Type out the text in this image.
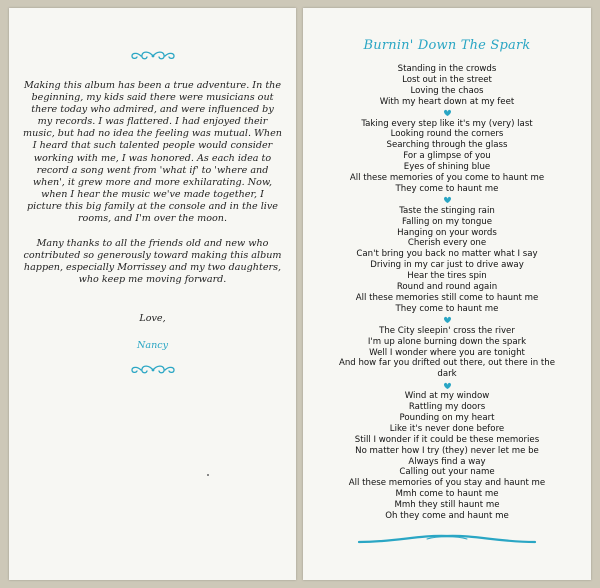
Making this album has been a true adventure. In the beginning, my kids said there were musicians out there today who admired, and were influenced by my records. I was flattered. I had enjoyed their music, but had no idea the feeling was mutual. When I heard that such talented people would consider working with me, I was honored. As each idea to record a song went from 'what if' to 'where and when', it grew more and more exhilarating. Now, when I hear the music we've made together, I picture this big family at the console and in the live rooms, and I'm over the moon.

Many thanks to all the friends old and new who contributed so generously toward making this album happen, especially Morrissey and my two daughters, who keep me moving forward.

Love,
Nancy
Burnin' Down The Spark
Standing in the crowds
Lost out in the street
Loving the chaos
With my heart down at my feet
Taking every step like it's my (very) last
Looking round the corners
Searching through the glass
For a glimpse of you
Eyes of shining blue
All these memories of you come to haunt me
They come to haunt me
Taste the stinging rain
Falling on my tongue
Hanging on your words
Cherish every one
Can't bring you back no matter what I say
Driving in my car just to drive away
Hear the tires spin
Round and round again
All these memories still come to haunt me
They come to haunt me
The City sleepin' cross the river
I'm up alone burning down the spark
Well I wonder where you are tonight
And how far you drifted out there, out there in the dark
Wind at my window
Rattling my doors
Pounding on my heart
Like it's never done before
Still I wonder if it could be these memories
No matter how I try (they) never let me be
Always find a way
Calling out your name
All these memories of you stay and haunt me
Mmh come to haunt me
Mmh they still haunt me
Oh they come and haunt me
